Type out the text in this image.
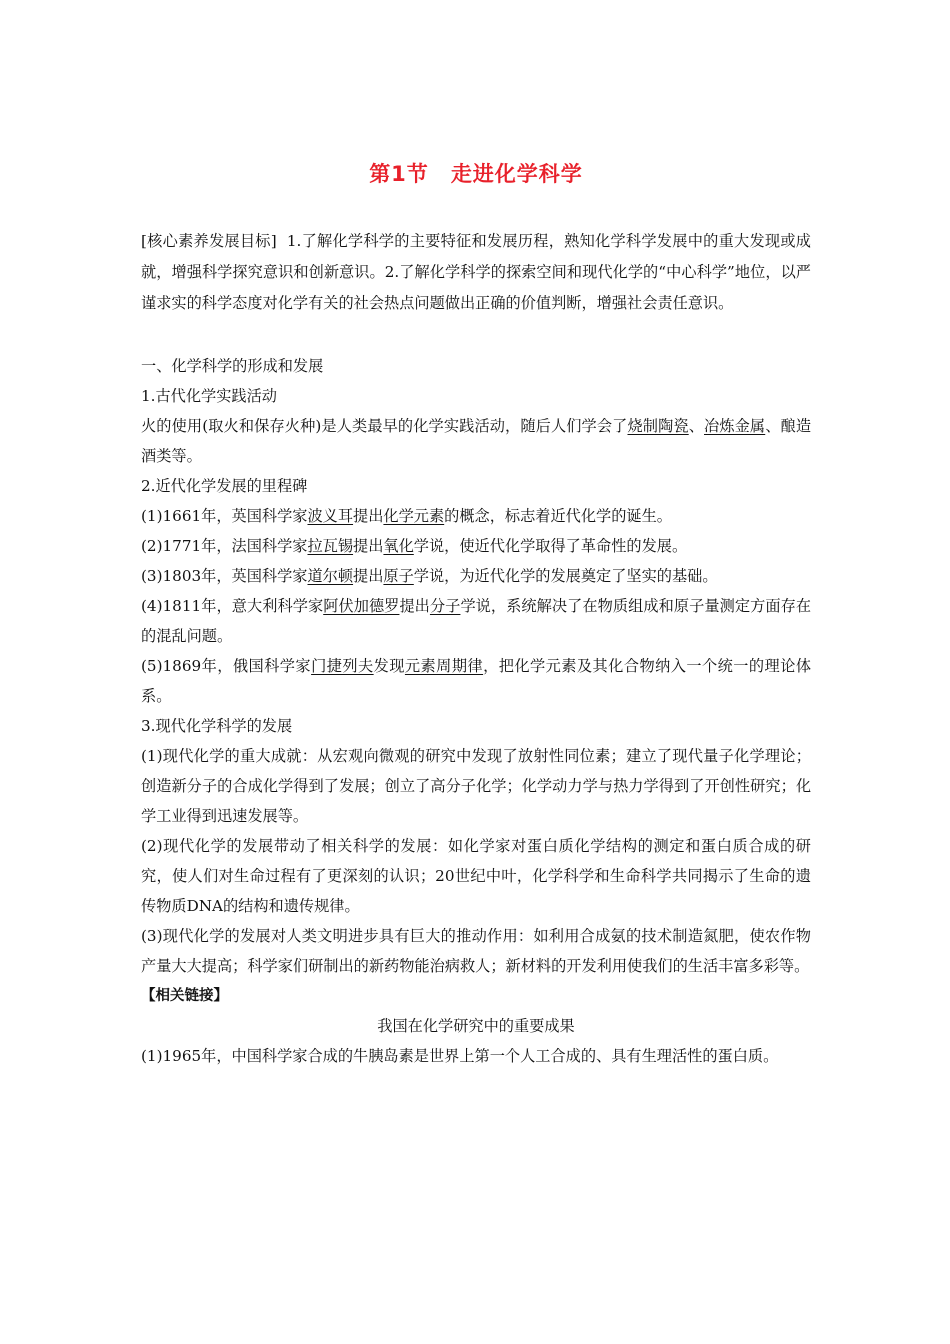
第1节 走进化学科学

[核心素养发展目标] 1.了解化学科学的主要特征和发展历程，熟知化学科学发展中的重大发现或成就，增强科学探究意识和创新意识。2.了解化学科学的探索空间和现代化学的“中心科学”地位，以严谨求实的科学态度对化学有关的社会热点问题做出正确的价值判断，增强社会责任意识。

一、化学科学的形成和发展

1.古代化学实践活动

火的使用(取火和保存火种)是人类最早的化学实践活动，随后人们学会了烧制陶瓷、冶炼金属、酿造酒类等。

2.近代化学发展的里程碑

(1)1661年，英国科学家波义耳提出化学元素的概念，标志着近代化学的诞生。

(2)1771年，法国科学家拉瓦锡提出氧化学说，使近代化学取得了革命性的发展。

(3)1803年，英国科学家道尔顿提出原子学说，为近代化学的发展奠定了坚实的基础。

(4)1811年，意大利科学家阿伏加德罗提出分子学说，系统解决了在物质组成和原子量测定方面存在的混乱问题。

(5)1869年，俄国科学家门捷列夫发现元素周期律，把化学元素及其化合物纳入一个统一的理论体系。

3.现代化学科学的发展

(1)现代化学的重大成就：从宏观向微观的研究中发现了放射性同位素；建立了现代量子化学理论；创造新分子的合成化学得到了发展；创立了高分子化学；化学动力学与热力学得到了开创性研究；化学工业得到迅速发展等。

(2)现代化学的发展带动了相关科学的发展：如化学家对蛋白质化学结构的测定和蛋白质合成的研究，使人们对生命过程有了更深刻的认识；20世纪中叶，化学科学和生命科学共同揭示了生命的遗传物质DNA的结构和遗传规律。

(3)现代化学的发展对人类文明进步具有巨大的推动作用：如利用合成氨的技术制造氮肥，使农作物产量大大提高；科学家们研制出的新药物能治病救人；新材料的开发利用使我们的生活丰富多彩等。

【相关链接】

我国在化学研究中的重要成果

(1)1965年，中国科学家合成的牛胰岛素是世界上第一个人工合成的、具有生理活性的蛋白质。
